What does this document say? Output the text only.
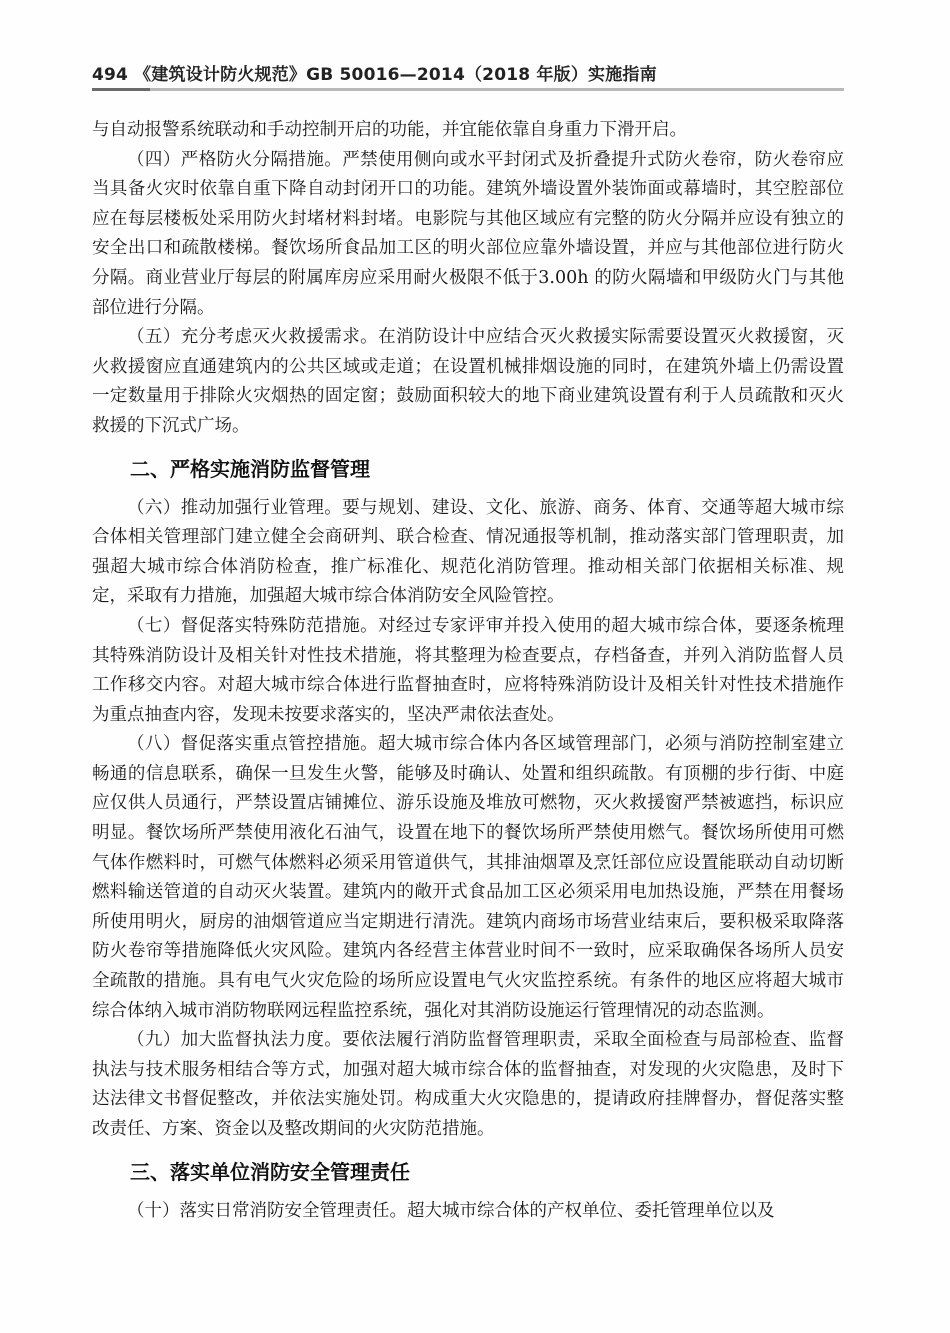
494 《建筑设计防火规范》GB 50016—2014（2018 年版）实施指南

与自动报警系统联动和手动控制开启的功能，并宜能依靠自身重力下滑开启。

（四）严格防火分隔措施。严禁使用侧向或水平封闭式及折叠提升式防火卷帘，防火卷帘应当具备火灾时依靠自重下降自动封闭开口的功能。建筑外墙设置外装饰面或幕墙时，其空腔部位应在每层楼板处采用防火封堵材料封堵。电影院与其他区域应有完整的防火分隔并应设有独立的安全出口和疏散楼梯。餐饮场所食品加工区的明火部位应靠外墙设置，并应与其他部位进行防火分隔。商业营业厅每层的附属库房应采用耐火极限不低于3.00h 的防火隔墙和甲级防火门与其他部位进行分隔。

（五）充分考虑灭火救援需求。在消防设计中应结合灭火救援实际需要设置灭火救援窗，灭火救援窗应直通建筑内的公共区域或走道；在设置机械排烟设施的同时，在建筑外墙上仍需设置一定数量用于排除火灾烟热的固定窗；鼓励面积较大的地下商业建筑设置有利于人员疏散和灭火救援的下沉式广场。

二、严格实施消防监督管理

（六）推动加强行业管理。要与规划、建设、文化、旅游、商务、体育、交通等超大城市综合体相关管理部门建立健全会商研判、联合检查、情况通报等机制，推动落实部门管理职责，加强超大城市综合体消防检查，推广标准化、规范化消防管理。推动相关部门依据相关标准、规定，采取有力措施，加强超大城市综合体消防安全风险管控。

（七）督促落实特殊防范措施。对经过专家评审并投入使用的超大城市综合体，要逐条梳理其特殊消防设计及相关针对性技术措施，将其整理为检查要点，存档备查，并列入消防监督人员工作移交内容。对超大城市综合体进行监督抽查时，应将特殊消防设计及相关针对性技术措施作为重点抽查内容，发现未按要求落实的，坚决严肃依法查处。

（八）督促落实重点管控措施。超大城市综合体内各区域管理部门，必须与消防控制室建立畅通的信息联系，确保一旦发生火警，能够及时确认、处置和组织疏散。有顶棚的步行街、中庭应仅供人员通行，严禁设置店铺摊位、游乐设施及堆放可燃物，灭火救援窗严禁被遮挡，标识应明显。餐饮场所严禁使用液化石油气，设置在地下的餐饮场所严禁使用燃气。餐饮场所使用可燃气体作燃料时，可燃气体燃料必须采用管道供气，其排油烟罩及烹饪部位应设置能联动自动切断燃料输送管道的自动灭火装置。建筑内的敞开式食品加工区必须采用电加热设施，严禁在用餐场所使用明火，厨房的油烟管道应当定期进行清洗。建筑内商场市场营业结束后，要积极采取降落防火卷帘等措施降低火灾风险。建筑内各经营主体营业时间不一致时，应采取确保各场所人员安全疏散的措施。具有电气火灾危险的场所应设置电气火灾监控系统。有条件的地区应将超大城市综合体纳入城市消防物联网远程监控系统，强化对其消防设施运行管理情况的动态监测。

（九）加大监督执法力度。要依法履行消防监督管理职责，采取全面检查与局部检查、监督执法与技术服务相结合等方式，加强对超大城市综合体的监督抽查，对发现的火灾隐患，及时下达法律文书督促整改，并依法实施处罚。构成重大火灾隐患的，提请政府挂牌督办，督促落实整改责任、方案、资金以及整改期间的火灾防范措施。

三、落实单位消防安全管理责任

（十）落实日常消防安全管理责任。超大城市综合体的产权单位、委托管理单位以及
